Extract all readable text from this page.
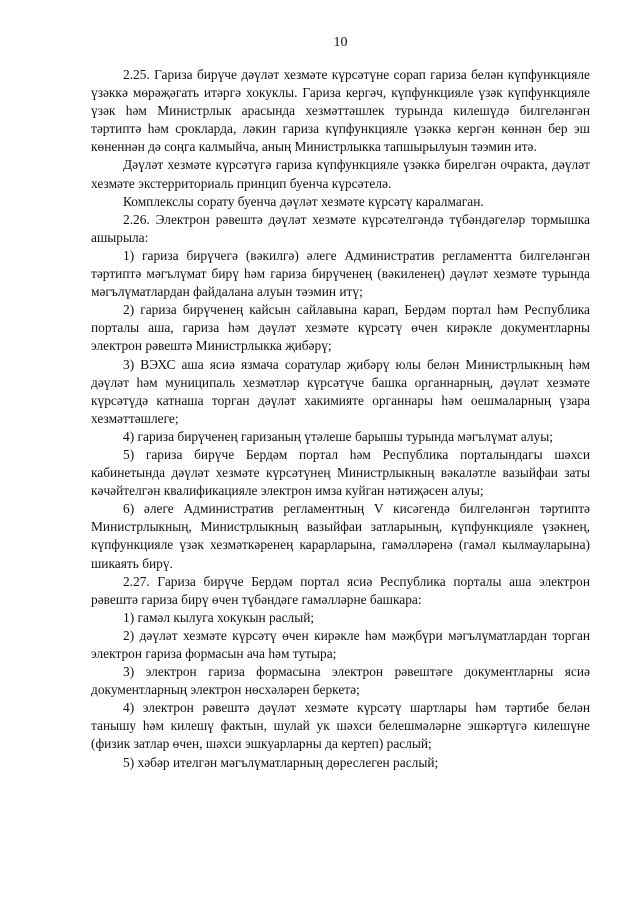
10

2.25. Гариза бирүче дәүләт хезмәте күрсәтүне сорап гариза белән күпфункцияле үзәккә мөрәҗәгать итәргә хокуклы. Гариза кергәч, күпфункцияле үзәк күпфункцияле үзәк һәм Министрлык арасында хезмәттәшлек турында килешүдә билгеләнгән тәртиптә һәм срокларда, ләкин гариза күпфункцияле үзәккә кергән көннән бер эш көненнән дә соңга калмыйча, аның Министрлыкка тапшырылуын тәэмин итә.

Дәүләт хезмәте күрсәтүгә гариза күпфункцияле үзәккә бирелгән очракта, дәүләт хезмәте экстерриториаль принцип буенча күрсәтелә.

Комплекслы сорату буенча дәүләт хезмәте күрсәтү каралмаган.

2.26. Электрон рәвештә дәүләт хезмәте күрсәтелгәндә түбәндәгеләр тормышка ашырыла:

1) гариза бирүчегә (вәкилгә) әлеге Административ регламентта билгеләнгән тәртиптә мәгълүмат бирү һәм гариза бирүченең (вәкиленең) дәүләт хезмәте турында мәгълүматлардан файдалана алуын тәэмин итү;

2) гариза бирүченең кайсын сайлавына карап, Бердәм портал һәм Республика порталы аша, гариза һәм дәүләт хезмәте күрсәтү өчен кирәкле документларны электрон рәвештә Министрлыкка җибәрү;

3) ВЭХС аша ясиә язмача соратулар җибәрү юлы белән Министрлыкның һәм дәүләт һәм муниципаль хезмәтләр күрсәтүче башка органнарның, дәүләт хезмәте күрсәтүдә катнаша торган дәүләт хакимияте органнары һәм оешмаларның үзара хезмәттәшлеге;

4) гариза бирүченең гаризаның үтәлеше барышы турында мәгълүмат алуы;

5) гариза бирүче Бердәм портал һәм Республика порталындагы шәхси кабинетында дәүләт хезмәте күрсәтүнең Министрлыкның вәкаләтле вазыйфаи заты кәчәйтелгән квалификацияле электрон имза куйган нәтиҗәсен алуы;

6) әлеге Административ регламентның V кисәгендә билгеләнгән тәртиптә Министрлыкның, Министрлыкның вазыйфаи затларының, күпфункцияле үзәкнең, күпфункцияле үзәк хезмәткәренең карарларына, гамәлләренә (гамәл кылмауларына) шикаять бирү.

2.27. Гариза бирүче Бердәм портал ясиә Республика порталы аша электрон рәвештә гариза бирү өчен түбәндәге гамәлләрне башкара:

1) гамәл кылуга хокукын раслый;

2) дәүләт хезмәте күрсәтү өчен кирәкле һәм мәҗбүри мәгълүматлардан торган электрон гариза формасын ача һәм тутыра;

3) электрон гариза формасына электрон рәвештәге документларны ясиә документларның электрон нөсхәләрен беркетә;

4) электрон рәвештә дәүләт хезмәте күрсәтү шартлары һәм тәртибе белән танышу һәм килешү фактын, шулай ук шәхси белешмәләрне эшкәртүгә килешүне (физик затлар өчен, шәхси эшкуарларны да кертеп) раслый;

5) хәбәр ителгән мәгълүматларның дөреслеген раслый;
